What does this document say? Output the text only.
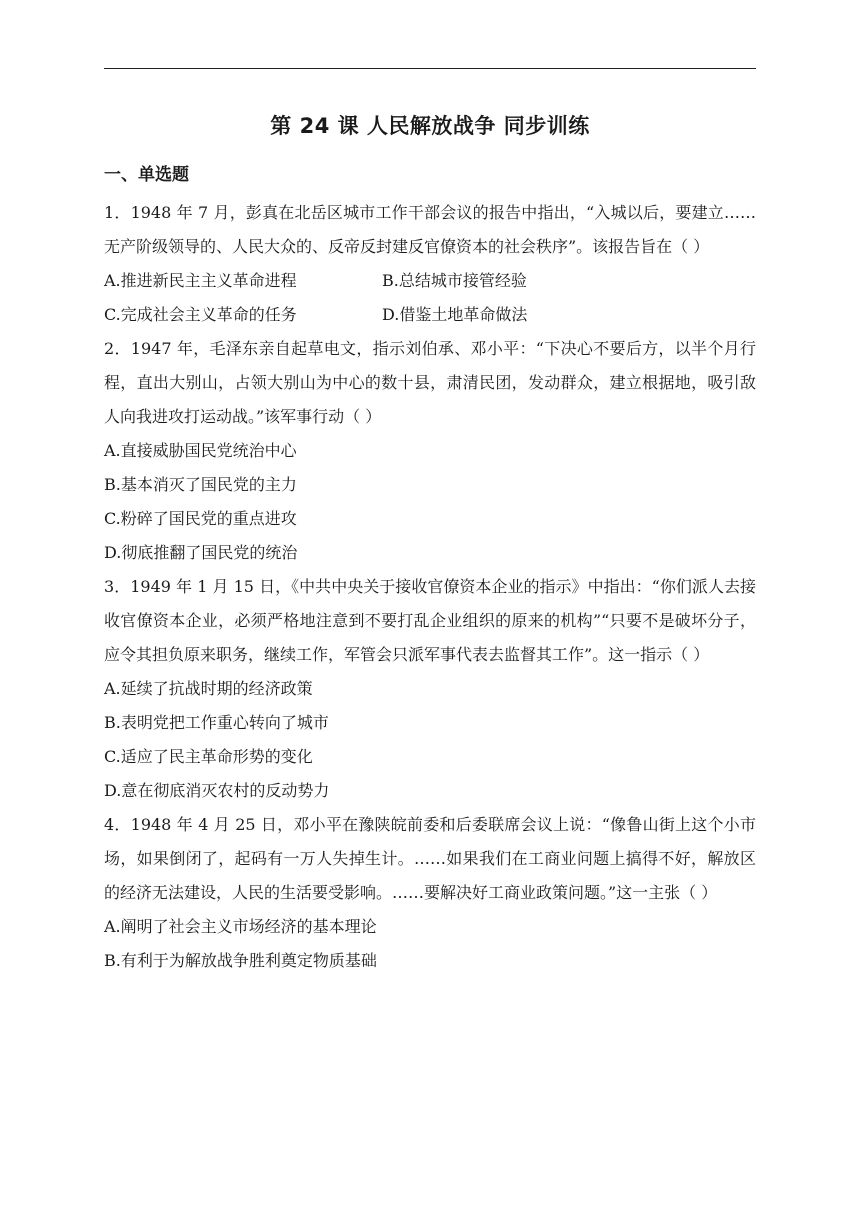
第 24 课 人民解放战争 同步训练
一、单选题

1．1948 年 7 月，彭真在北岳区城市工作干部会议的报告中指出，“入城以后，要建立……无产阶级领导的、人民大众的、反帝反封建反官僚资本的社会秩序”。该报告旨在（ ）

A.推进新民主主义革命进程	B.总结城市接管经验

C.完成社会主义革命的任务	D.借鉴土地革命做法

2．1947 年，毛泽东亲自起草电文，指示刘伯承、邓小平：“下决心不要后方，以半个月行程，直出大别山，占领大别山为中心的数十县，肃清民团，发动群众，建立根据地，吸引敌人向我进攻打运动战。”该军事行动（ ）

A.直接威胁国民党统治中心

B.基本消灭了国民党的主力

C.粉碎了国民党的重点进攻

D.彻底推翻了国民党的统治

3．1949 年 1 月 15 日，《中共中央关于接收官僚资本企业的指示》中指出：“你们派人去接收官僚资本企业，必须严格地注意到不要打乱企业组织的原来的机构”“只要不是破坏分子，应令其担负原来职务，继续工作，军管会只派军事代表去监督其工作”。这一指示（ ）

A.延续了抗战时期的经济政策

B.表明党把工作重心转向了城市

C.适应了民主革命形势的变化

D.意在彻底消灭农村的反动势力

4．1948 年 4 月 25 日，邓小平在豫陕皖前委和后委联席会议上说：“像鲁山街上这个小市场，如果倒闭了，起码有一万人失掉生计。……如果我们在工商业问题上搞得不好，解放区的经济无法建设，人民的生活要受影响。……要解决好工商业政策问题。”这一主张（ ）

A.阐明了社会主义市场经济的基本理论

B.有利于为解放战争胜利奠定物质基础
